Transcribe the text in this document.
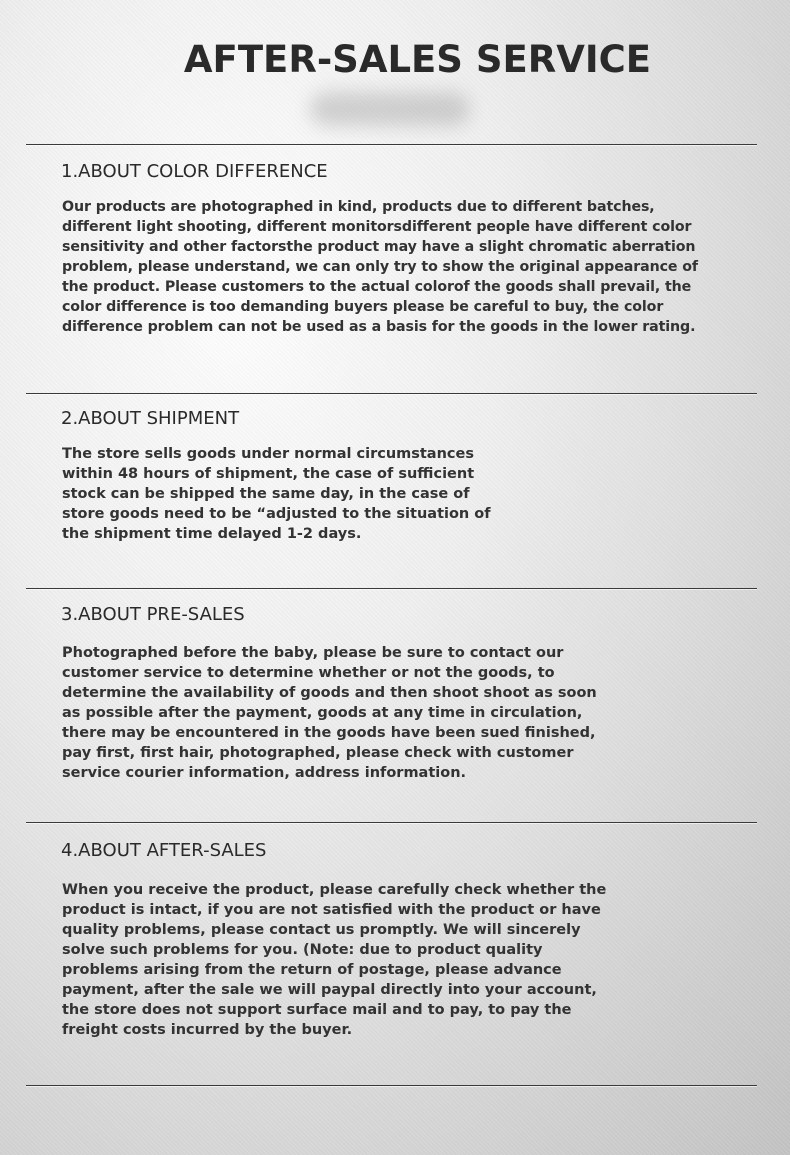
AFTER-SALES SERVICE
1.ABOUT COLOR DIFFERENCE

Our products are photographed in kind, products due to different batches, different light shooting, different monitorsdifferent people have different color sensitivity and other factorsthe product may have a slight chromatic aberration problem, please understand, we can only try to show the original appearance of the product. Please customers to the actual colorof the goods shall prevail, the color difference is too demanding buyers please be careful to buy, the color difference problem can not be used as a basis for the goods in the lower rating.

2.ABOUT SHIPMENT

The store sells goods under normal circumstances within 48 hours of shipment, the case of sufficient stock can be shipped the same day, in the case of store goods need to be “adjusted to the situation of the shipment time delayed 1-2 days.

3.ABOUT PRE-SALES

Photographed before the baby, please be sure to contact our customer service to determine whether or not the goods, to determine the availability of goods and then shoot shoot as soon as possible after the payment, goods at any time in circulation, there may be encountered in the goods have been sued finished, pay first, first hair, photographed, please check with customer service courier information, address information.

4.ABOUT AFTER-SALES

When you receive the product, please carefully check whether the product is intact, if you are not satisfied with the product or have quality problems, please contact us promptly. We will sincerely solve such problems for you. (Note: due to product quality problems arising from the return of postage, please advance payment, after the sale we will paypal directly into your account, the store does not support surface mail and to pay, to pay the freight costs incurred by the buyer.
